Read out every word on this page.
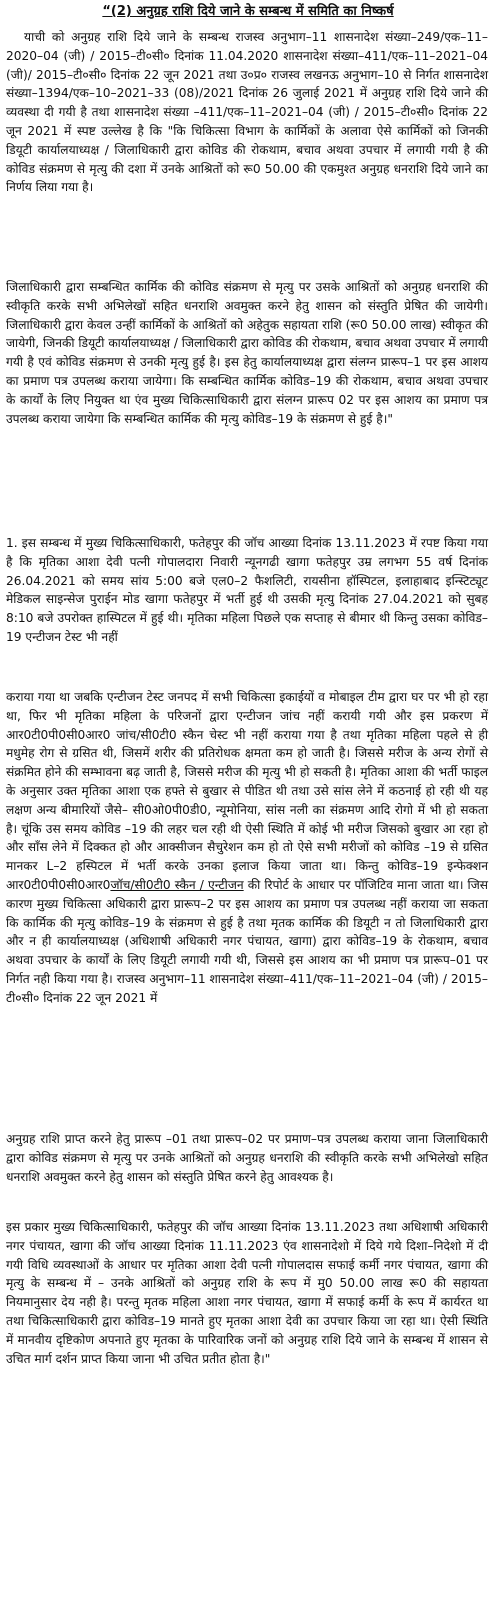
“(2) अनुग्रह राशि दिये जाने के सम्बन्ध में समिति का निष्कर्ष

याची को अनुग्रह राशि दिये जाने के सम्बन्ध राजस्व अनुभाग–11 शासनादेश संख्या–249/एक–11–2020–04 (जी) / 2015–टी०सी० दिनांक 11.04.2020 शासनादेश संख्या–411/एक–11–2021–04 (जी)/ 2015–टी०सी० दिनांक 22 जून 2021 तथा उ०प्र० राजस्व लखनऊ अनुभाग–10 से निर्गत शासनादेश संख्या–1394/एक–10–2021–33 (08)/2021 दिनांक 26 जुलाई 2021 में अनुग्रह राशि दिये जाने की व्यवस्था दी गयी है तथा शासनादेश संख्या –411/एक–11–2021–04 (जी) / 2015–टी०सी० दिनांक 22 जून 2021 में स्पष्ट उल्लेख है कि "कि चिकित्सा विभाग के कार्मिकों के अलावा ऐसे कार्मिकों को जिनकी डियूटी कार्यालयाध्यक्ष / जिलाधिकारी द्वारा कोविड की रोकथाम, बचाव अथवा उपचार में लगायी गयी है की कोविड संक्रमण से मृत्यु की दशा में उनके आश्रितों को रू0 50.00 की एकमुश्त अनुग्रह धनराशि दिये जाने का निर्णय लिया गया है।

जिलाधिकारी द्वारा सम्बन्धित कार्मिक की कोविड संक्रमण से मृत्यु पर उसके आश्रितों को अनुग्रह धनराशि की स्वीकृति करके सभी अभिलेखों सहित धनराशि अवमुक्त करने हेतु शासन को संस्तुति प्रेषित की जायेगी। जिलाधिकारी द्वारा केवल उन्हीं कार्मिकों के आश्रितों को अहेतुक सहायता राशि (रू0 50.00 लाख) स्वीकृत की जायेगी, जिनकी डियूटी कार्यालयाध्यक्ष / जिलाधिकारी द्वारा कोविड की रोकथाम, बचाव अथवा उपचार में लगायी गयी है एवं कोविड संक्रमण से उनकी मृत्यु हुई है। इस हेतु कार्यालयाध्यक्ष द्वारा संलग्न प्रारूप–1 पर इस आशय का प्रमाण पत्र उपलब्ध कराया जायेगा। कि सम्बन्धित कार्मिक कोविड–19 की रोकथाम, बचाव अथवा उपचार के कार्यों के लिए नियुक्त था एंव मुख्य चिकित्साधिकारी द्वारा संलग्न प्रारूप 02 पर इस आशय का प्रमाण पत्र उपलब्ध कराया जायेगा कि सम्बन्धित कार्मिक की मृत्यु कोविड–19 के संक्रमण से हुई है।"

1. इस सम्बन्ध में मुख्य चिकित्साधिकारी, फतेहपुर की जॉच आख्या दिनांक 13.11.2023 में रपष्ट किया गया है कि मृतिका आशा देवी पत्नी गोपालदारा निवारी न्यूनगढी खागा फतेहपुर उम्र लगभग 55 वर्ष दिनांक 26.04.2021 को समय सांय 5:00 बजे एल0–2 फैशलिटी, रायसीना हॉस्पिटल, इलाहाबाद इन्स्टिट्यूट मेडिकल साइन्सेज पुराईन मोड खागा फतेहपुर में भर्ती हुई थी उसकी मृत्यु दिनांक 27.04.2021 को सुबह 8:10 बजे उपरोक्त हास्पिटल में हुई थी। मृतिका महिला पिछले एक सप्ताह से बीमार थी किन्तु उसका कोविड–19 एन्टीजन टेस्ट भी नहीं

कराया गया था जबकि एन्टीजन टेस्ट जनपद में सभी चिकित्सा इकाईयों व मोबाइल टीम द्वारा घर पर भी हो रहा था, फिर भी मृतिका महिला के परिजनों द्वारा एन्टीजन जांच नहीं करायी गयी और इस प्रकरण में आर0टी0पी0सी0आर0 जांच/सी0टी0 स्कैन चेस्ट भी नहीं कराया गया है तथा मृतिका महिला पहले से ही मधुमेह रोग से ग्रसित थी, जिसमें शरीर की प्रतिरोधक क्षमता कम हो जाती है। जिससे मरीज के अन्य रोगों से संक्रमित होने की सम्भावना बढ़ जाती है, जिससे मरीज की मृत्यु भी हो सकती है। मृतिका आशा की भर्ती फाइल के अनुसार उक्त मृतिका आशा एक हफ्ते से बुखार से पीडित थी तथा उसे सांस लेने में कठनाई हो रही थी यह लक्षण अन्य बीमारियों जैसे– सी0ओ0पी0डी0, न्यूमोनिया, सांस नली का संक्रमण आदि रोगो में भी हो सकता है। चूंकि उस समय कोविड –19 की लहर चल रही थी ऐसी स्थिति में कोई भी मरीज जिसको बुखार आ रहा हो और साँस लेने में दिक्कत हो और आक्सीजन सैचुरेशन कम हो तो ऐसे सभी मरीजों को कोविड –19 से ग्रसित मानकर L–2 हस्पिटल में भर्ती करके उनका इलाज किया जाता था। किन्तु कोविड–19 इन्फेक्शन आर0टी0पी0सी0आर0जॉच/सी0टी0 स्कैन / एन्टीजन की रिपोर्ट के आधार पर पॉजिटिव माना जाता था। जिस कारण मुख्य चिकित्सा अधिकारी द्वारा प्रारूप–2 पर इस आशय का प्रमाण पत्र उपलब्ध नहीं कराया जा सकता कि कार्मिक की मृत्यु कोविड–19 के संक्रमण से हुई है तथा मृतक कार्मिक की डियूटी न तो जिलाधिकारी द्वारा और न ही कार्यालयाध्यक्ष (अधिशाषी अधिकारी नगर पंचायत, खागा) द्वारा कोविड–19 के रोकथाम, बचाव अथवा उपचार के कार्यों के लिए डियूटी लगायी गयी थी, जिससे इस आशय का भी प्रमाण पत्र प्रारूप–01 पर निर्गत नही किया गया है। राजस्व अनुभाग–11 शासनादेश संख्या–411/एक–11–2021–04 (जी) / 2015–टी०सी० दिनांक 22 जून 2021 में

अनुग्रह राशि प्राप्त करने हेतु प्रारूप –01 तथा प्रारूप–02 पर प्रमाण–पत्र उपलब्ध कराया जाना जिलाधिकारी द्वारा कोविड संक्रमण से मृत्यु पर उनके आश्रितों को अनुग्रह धनराशि की स्वीकृति करके सभी अभिलेखो सहित धनराशि अवमुक्त करने हेतु शासन को संस्तुति प्रेषित करने हेतु आवश्यक है।

इस प्रकार मुख्य चिकित्साधिकारी, फतेहपुर की जॉच आख्या दिनांक 13.11.2023 तथा अधिशाषी अधिकारी नगर पंचायत, खागा की जॉच आख्या दिनांक 11.11.2023 एंव शासनादेशो में दिये गये दिशा–निदेशो में दी गयी विधि व्यवस्थाओं के आधार पर मृतिका आशा देवी पत्नी गोपालदास सफाई कर्मी नगर पंचायत, खागा की मृत्यु के सम्बन्ध में – उनके आश्रितों को अनुग्रह राशि के रूप में मु0 50.00 लाख रू0 की सहायता नियमानुसार देय नही है। परन्तु मृतक महिला आशा नगर पंचायत, खागा में सफाई कर्मी के रूप में कार्यरत था तथा चिकित्साधिकारी द्वारा कोविड–19 मानते हुए मृतका आशा देवी का उपचार किया जा रहा था। ऐसी स्थिति में मानवीय दृष्टिकोण अपनाते हुए मृतका के पारिवारिक जनों को अनुग्रह राशि दिये जाने के सम्बन्ध में शासन से उचित मार्ग दर्शन प्राप्त किया जाना भी उचित प्रतीत होता है।"
